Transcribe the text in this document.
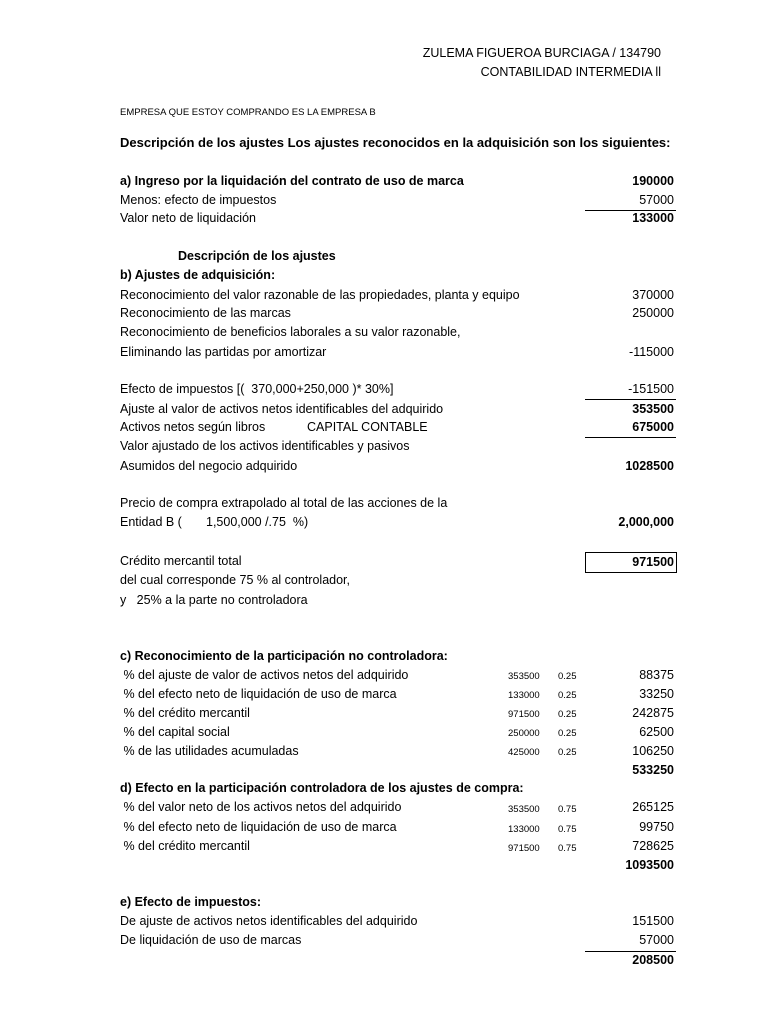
ZULEMA FIGUEROA BURCIAGA / 134790
CONTABILIDAD INTERMEDIA ll
EMPRESA QUE ESTOY COMPRANDO ES LA EMPRESA B
Descripción de los ajustes Los ajustes reconocidos en la adquisición son los siguientes:
a) Ingreso por la liquidación del contrato de uso de marca	190000
Menos: efecto de impuestos	57000
Valor neto de liquidación	133000
Descripción de los ajustes
b) Ajustes de adquisición:
Reconocimiento del valor razonable de las propiedades, planta y equipo	370000
Reconocimiento de las marcas	250000
Reconocimiento de beneficios laborales a su valor razonable,
Eliminando las partidas por amortizar	-115000
Efecto de impuestos [(  370,000+250,000 )* 30%]	-151500
Ajuste al valor de activos netos identificables del adquirido	353500
Activos netos según libros	CAPITAL CONTABLE	675000
Valor ajustado de los activos identificables y pasivos
Asumidos del negocio adquirido	1028500
Precio de compra extrapolado al total de las acciones de la
Entidad B ( 1,500,000 /.75  %)	2,000,000
Crédito mercantil total	971500
del cual corresponde 75 % al controlador,
y   25% a la parte no controladora
c) Reconocimiento de la participación no controladora:
% del ajuste de valor de activos netos del adquirido	353500 0.25	88375
% del efecto neto de liquidación de uso de marca	133000 0.25	33250
% del crédito mercantil	971500 0.25	242875
% del capital social	250000 0.25	62500
% de las utilidades acumuladas	425000 0.25	106250
533250
d) Efecto en la participación controladora de los ajustes de compra:
% del valor neto de los activos netos del adquirido	353500 0.75	265125
% del efecto neto de liquidación de uso de marca	133000 0.75	99750
% del crédito mercantil	971500 0.75	728625
1093500
e) Efecto de impuestos:
De ajuste de activos netos identificables del adquirido	151500
De liquidación de uso de marcas	57000
208500
